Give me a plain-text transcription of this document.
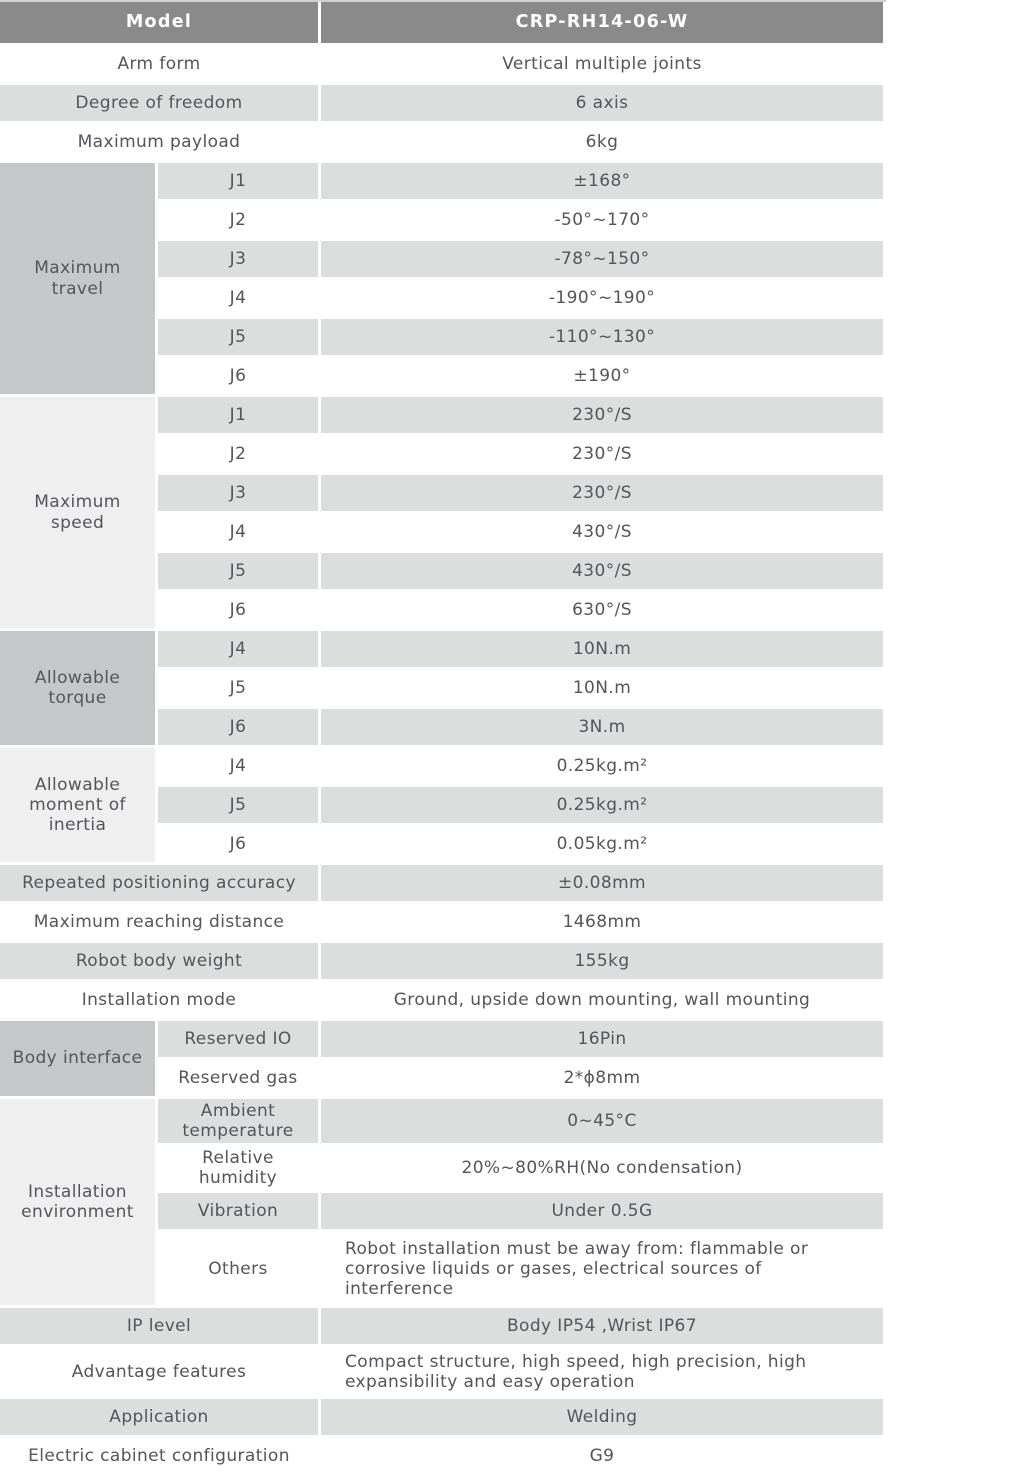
Model		CRP-RH14-06-W
Arm form		Vertical multiple joints
Degree of freedom		6 axis
Maximum payload		6kg
Maximum travel	J1	±168°
	J2	-50°~170°
	J3	-78°~150°
	J4	-190°~190°
	J5	-110°~130°
	J6	±190°
Maximum speed	J1	230°/S
	J2	230°/S
	J3	230°/S
	J4	430°/S
	J5	430°/S
	J6	630°/S
Allowable torque	J4	10N.m
	J5	10N.m
	J6	3N.m
Allowable moment of inertia	J4	0.25kg.m²
	J5	0.25kg.m²
	J6	0.05kg.m²
Repeated positioning accuracy		±0.08mm
Maximum reaching distance		1468mm
Robot body weight		155kg
Installation mode		Ground, upside down mounting, wall mounting
Body interface	Reserved IO	16Pin
	Reserved gas	2*ϕ8mm
Installation environment	Ambient temperature	0~45°C
	Relative humidity	20%~80%RH(No condensation)
	Vibration	Under 0.5G
	Others	Robot installation must be away from: flammable or corrosive liquids or gases, electrical sources of interference
IP level		Body IP54 ,Wrist IP67
Advantage features		Compact structure, high speed, high precision, high expansibility and easy operation
Application		Welding
Electric cabinet configuration		G9
